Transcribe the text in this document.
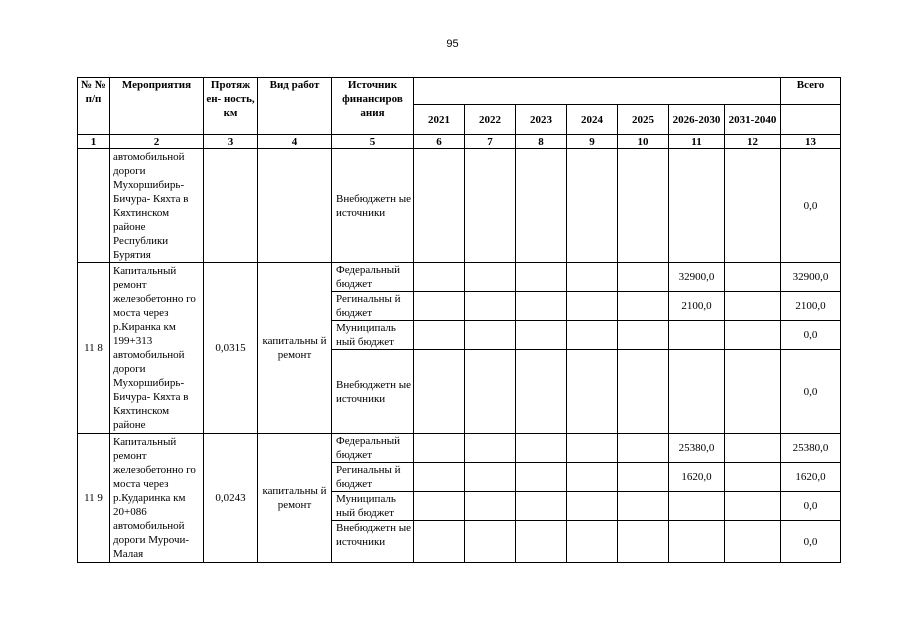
95
№ № п/п	Мероприятия	Протяж ен- ность, км	Вид работ	Источник финансиров ания								Всего
					2021	2022	2023	2024	2025	2026-2030	2031-2040	
1	2	3	4	5	6	7	8	9	10	11	12	13
	автомобильной дороги Мухоршибирь-Бичура- Кяхта в Кяхтинском районе Республики Бурятия			Внебюджетн ые источники								0,0
11 8	Капитальный ремонт железобетонно го моста через р.Киранка км 199+313 автомобильной дороги Мухоршибирь-Бичура- Кяхта в Кяхтинском районе	0,0315	капитальны й ремонт	Федеральный бюджет						32900,0		32900,0
				Регинальны й бюджет						2100,0		2100,0
				Муниципаль ный бюджет								0,0
				Внебюджетн ые источники								0,0
11 9	Капитальный ремонт железобетонно го моста через р.Кударинка км 20+086 автомобильной дороги Мурочи-Малая	0,0243	капитальны й ремонт	Федеральный бюджет						25380,0		25380,0
				Регинальны й бюджет						1620,0		1620,0
				Муниципаль ный бюджет								0,0
				Внебюджетн ые источники								0,0
